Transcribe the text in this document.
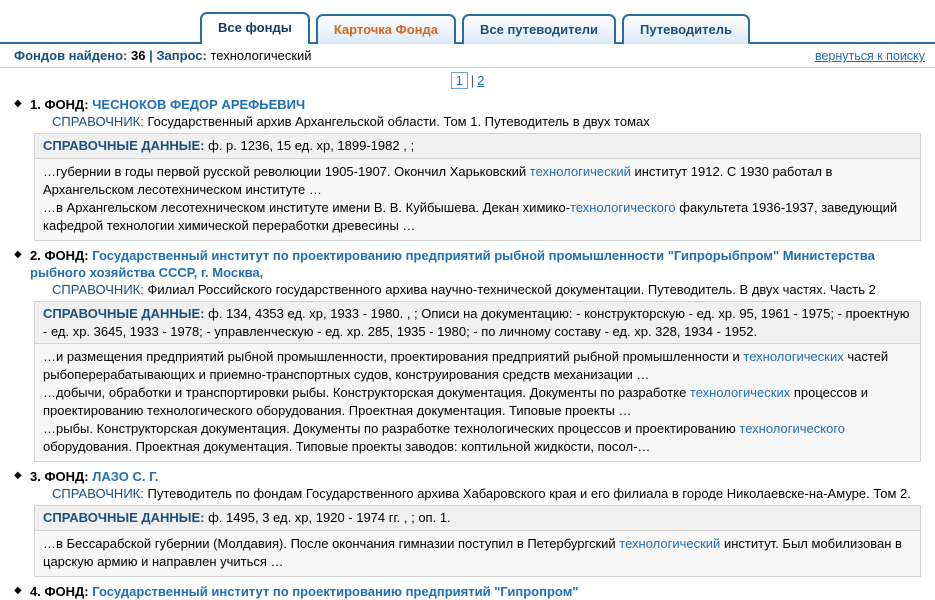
Все фонды	Карточка Фонда	Все путеводители	Путеводитель
Фондов найдено: 36 | Запрос: технологический	вернуться к поиску
1 | 2
◆ 1. ФОНД: ЧЕСНОКОВ ФЕДОР АРЕФЬЕВИЧ
СПРАВОЧНИК: Государственный архив Архангельской области. Том 1. Путеводитель в двух томах
СПРАВОЧНЫЕ ДАННЫЕ: ф. р. 1236, 15 ед. хр, 1899-1982 , ;
…губернии в годы первой русской революции 1905-1907. Окончил Харьковский технологический институт 1912. С 1930 работал в Архангельском лесотехническом институте …
…в Архангельском лесотехническом институте имени В. В. Куйбышева. Декан химико-технологического факультета 1936-1937, заведующий кафедрой технологии химической переработки древесины …
◆ 2. ФОНД: Государственный институт по проектированию предприятий рыбной промышленности "Гипрорыбпром" Министерства рыбного хозяйства СССР, г. Москва,
СПРАВОЧНИК: Филиал Российского государственного архива научно-технической документации. Путеводитель. В двух частях. Часть 2
СПРАВОЧНЫЕ ДАННЫЕ: ф. 134, 4353 ед. хр, 1933 - 1980. , ; Описи на документацию: - конструкторскую - ед. хр. 95, 1961 - 1975; - проектную - ед. хр. 3645, 1933 - 1978; - управленческую - ед. хр. 285, 1935 - 1980; - по личному составу - ед. хр. 328, 1934 - 1952.
…и размещения предприятий рыбной промышленности, проектирования предприятий рыбной промышленности и технологических частей рыбоперерабатывающих и приемно-транспортных судов, конструирования средств механизации …
…добычи, обработки и транспортировки рыбы. Конструкторская документация. Документы по разработке технологических процессов и проектированию технологического оборудования. Проектная документация. Типовые проекты …
…рыбы. Конструкторская документация. Документы по разработке технологических процессов и проектированию технологического оборудования. Проектная документация. Типовые проекты заводов: коптильной жидкости, посол-…
◆ 3. ФОНД: ЛАЗО С. Г.
СПРАВОЧНИК: Путеводитель по фондам Государственного архива Хабаровского края и его филиала в городе Николаевске-на-Амуре. Том 2.
СПРАВОЧНЫЕ ДАННЫЕ: ф. 1495, 3 ед. хр, 1920 - 1974 гг. , ; оп. 1.
…в Бессарабской губернии (Молдавия). После окончания гимназии поступил в Петербургский технологический институт. Был мобилизован в царскую армию и направлен учиться …
◆ 4. ФОНД: Государственный институт по проектированию предприятий "Гипропром"
